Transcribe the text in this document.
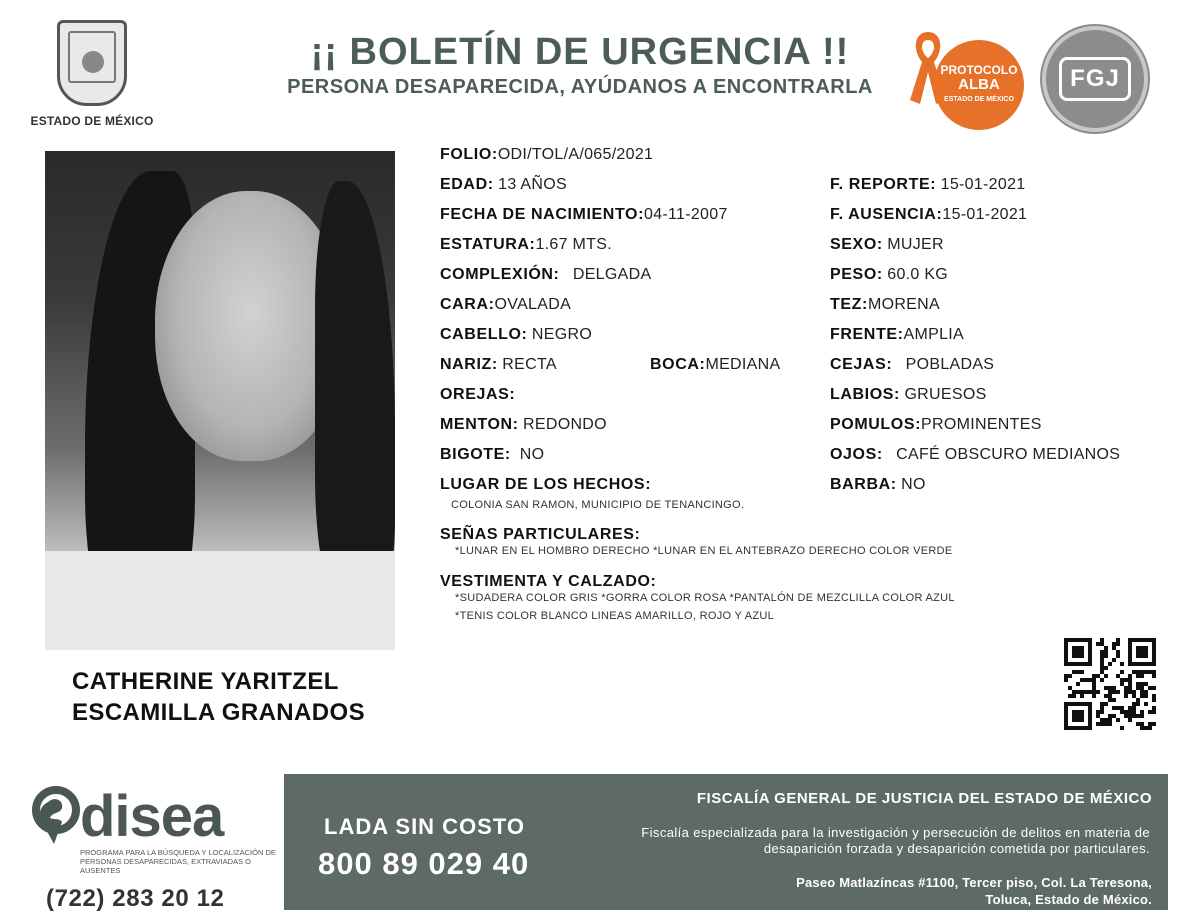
ESTADO DE MÉXICO
¡¡ BOLETÍN DE URGENCIA !!
PERSONA DESAPARECIDA, AYÚDANOS A ENCONTRARLA
PROTOCOLO
ALBA
ESTADO DE MÉXICO
FGJ
CATHERINE YARITZEL
ESCAMILLA GRANADOS
FOLIO:ODI/TOL/A/065/2021
EDAD: 13 AÑOS
FECHA DE NACIMIENTO:04-11-2007
ESTATURA:1.67 MTS.
COMPLEXIÓN: DELGADA
CARA:OVALADA
CABELLO: NEGRO
NARIZ: RECTA	BOCA:MEDIANA
OREJAS:
MENTON: REDONDO
BIGOTE: NO
LUGAR DE LOS HECHOS:
COLONIA SAN RAMON, MUNICIPIO DE TENANCINGO.
F. REPORTE: 15-01-2021
F. AUSENCIA:15-01-2021
SEXO: MUJER
PESO: 60.0 KG
TEZ:MORENA
FRENTE:AMPLIA
CEJAS: POBLADAS
LABIOS: GRUESOS
POMULOS:PROMINENTES
OJOS: CAFÉ OBSCURO MEDIANOS
BARBA: NO
SEÑAS PARTICULARES:
*LUNAR EN EL HOMBRO DERECHO *LUNAR EN EL ANTEBRAZO DERECHO COLOR VERDE
VESTIMENTA Y CALZADO:
*SUDADERA COLOR GRIS *GORRA COLOR ROSA *PANTALÓN DE MEZCLILLA COLOR AZUL
*TENIS COLOR BLANCO LINEAS AMARILLO, ROJO Y AZUL
disea
PROGRAMA PARA LA BÚSQUEDA Y LOCALIZACIÓN DE PERSONAS DESAPARECIDAS, EXTRAVIADAS O AUSENTES
(722) 283 20 12
LADA SIN COSTO
800 89 029 40
FISCALÍA GENERAL DE JUSTICIA DEL ESTADO DE MÉXICO
Fiscalía especializada para la investigación y persecución de delitos en materia de desaparición forzada y desaparición cometida por particulares.
Paseo Matlazíncas #1100, Tercer piso, Col. La Teresona,
Toluca, Estado de México.
